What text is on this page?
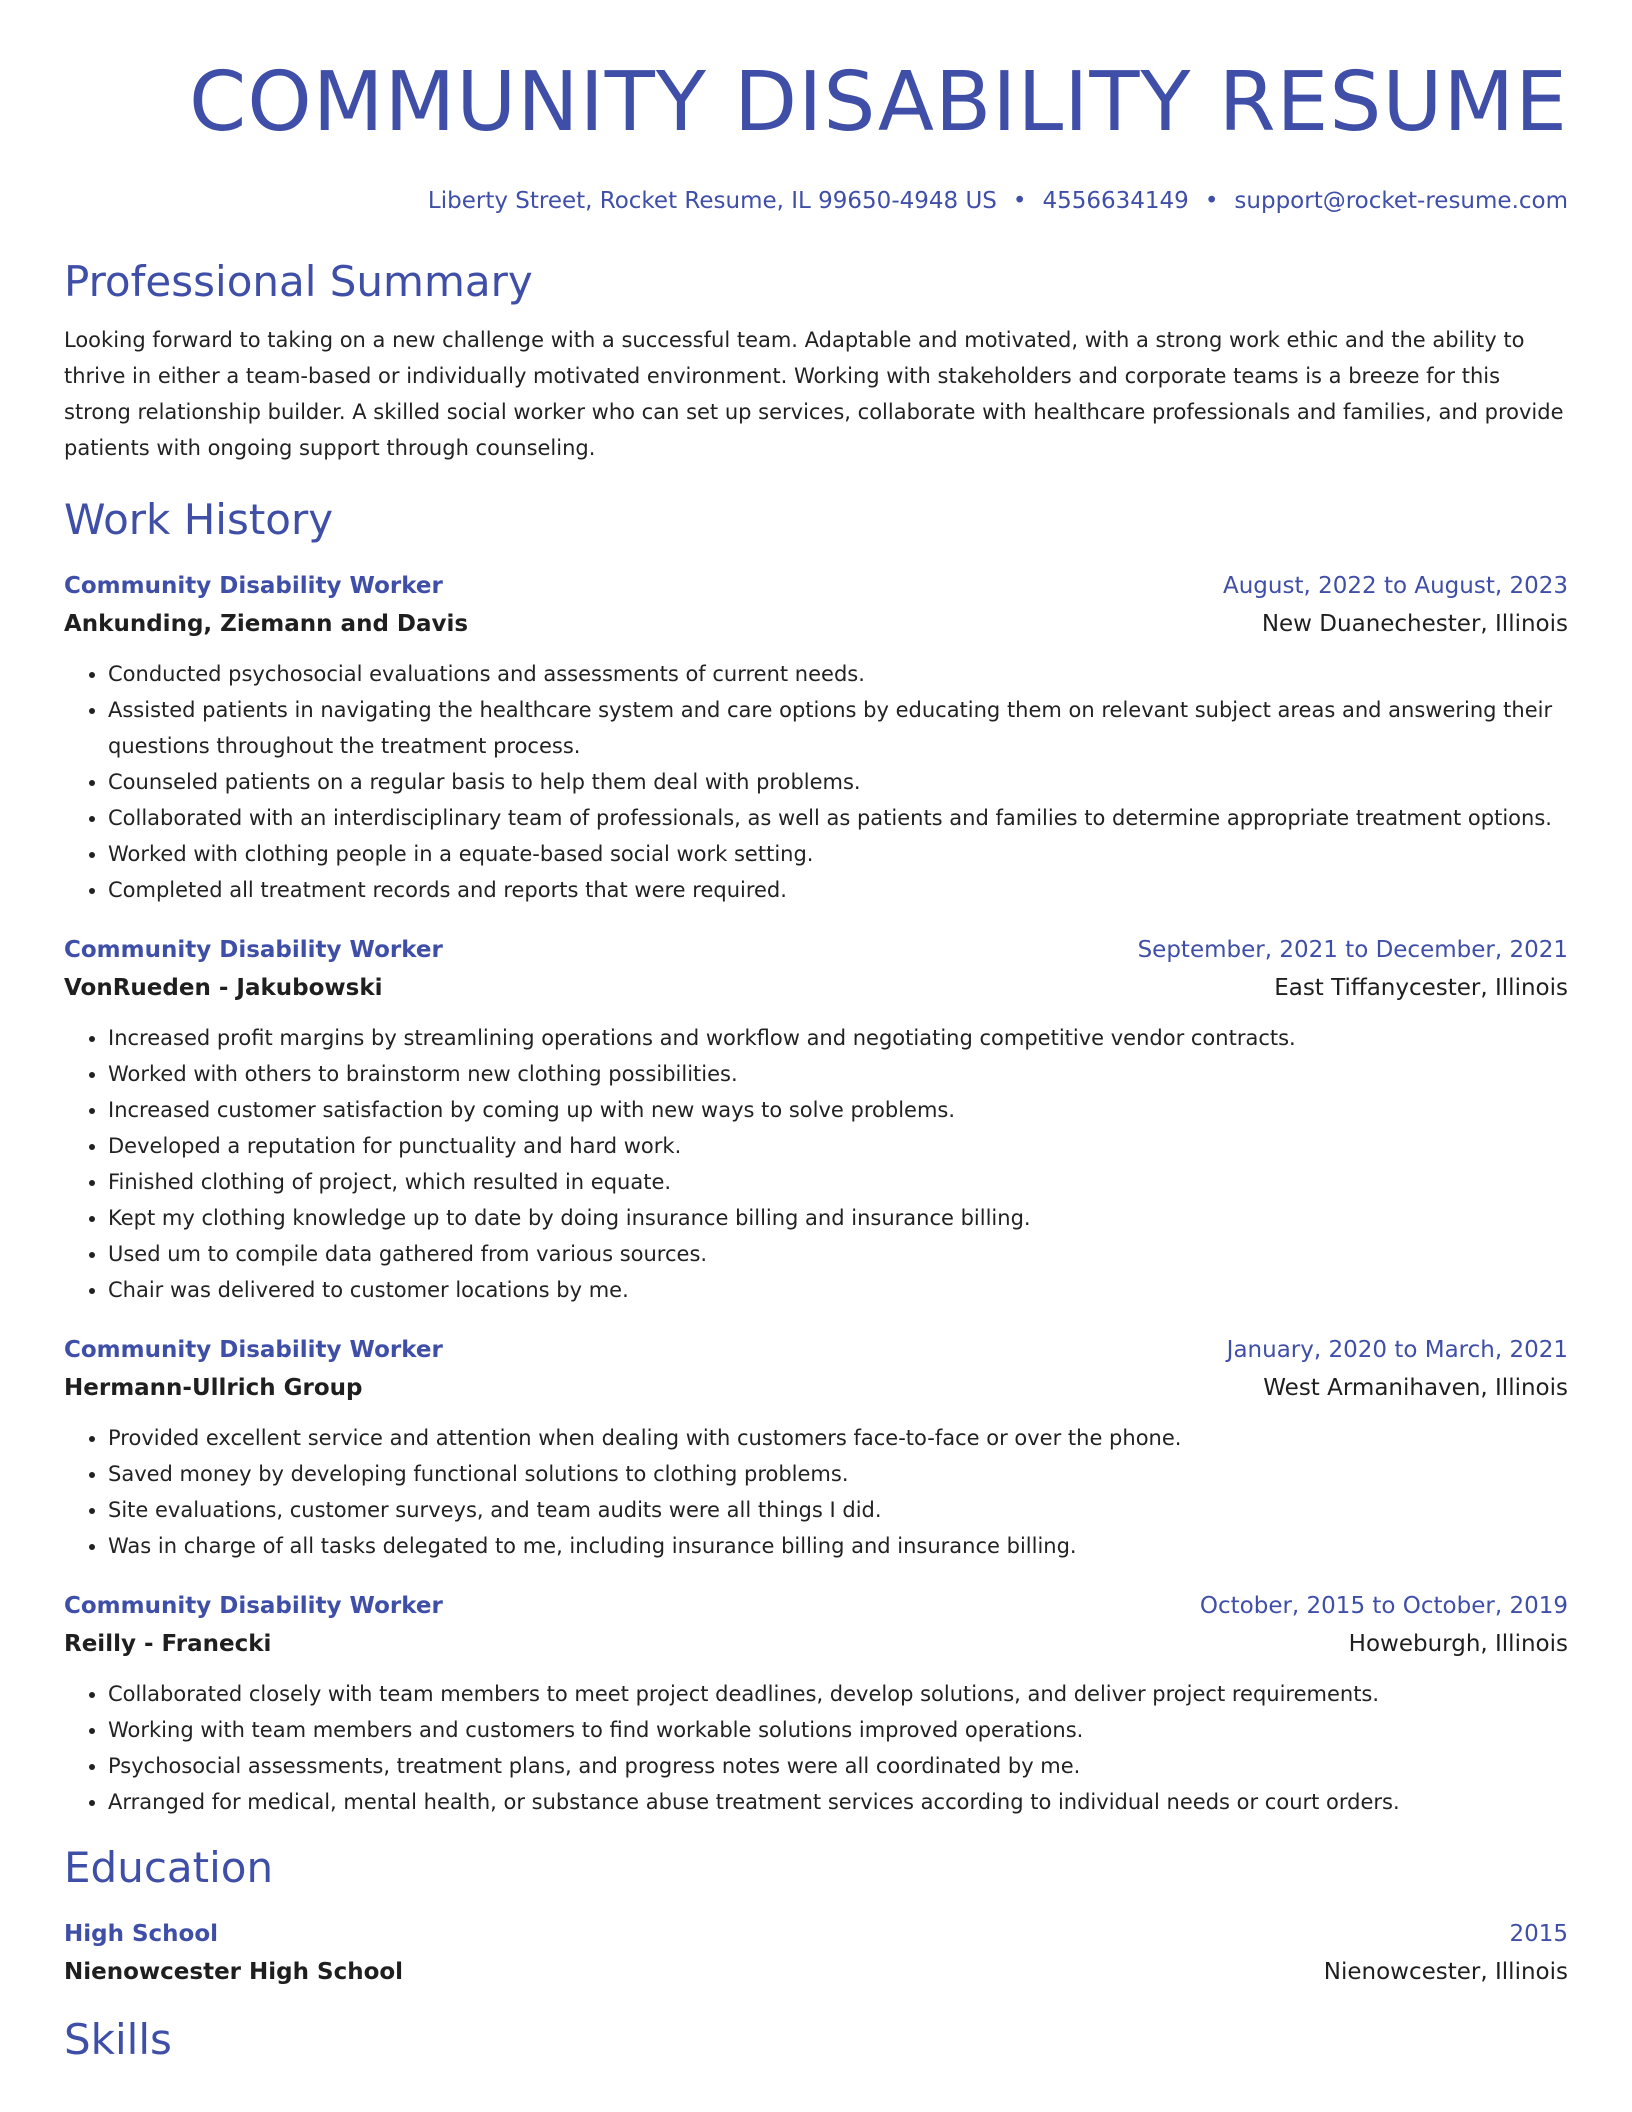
COMMUNITY DISABILITY RESUME
Liberty Street, Rocket Resume, IL 99650-4948 US • 4556634149 • support@rocket-resume.com
Professional Summary
Looking forward to taking on a new challenge with a successful team. Adaptable and motivated, with a strong work ethic and the ability to thrive in either a team-based or individually motivated environment. Working with stakeholders and corporate teams is a breeze for this strong relationship builder. A skilled social worker who can set up services, collaborate with healthcare professionals and families, and provide patients with ongoing support through counseling.
Work History
Community Disability Worker	August, 2022 to August, 2023
Ankunding, Ziemann and Davis	New Duanechester, Illinois
• Conducted psychosocial evaluations and assessments of current needs.
• Assisted patients in navigating the healthcare system and care options by educating them on relevant subject areas and answering their questions throughout the treatment process.
• Counseled patients on a regular basis to help them deal with problems.
• Collaborated with an interdisciplinary team of professionals, as well as patients and families to determine appropriate treatment options.
• Worked with clothing people in a equate-based social work setting.
• Completed all treatment records and reports that were required.
Community Disability Worker	September, 2021 to December, 2021
VonRueden - Jakubowski	East Tiffanycester, Illinois
• Increased profit margins by streamlining operations and workflow and negotiating competitive vendor contracts.
• Worked with others to brainstorm new clothing possibilities.
• Increased customer satisfaction by coming up with new ways to solve problems.
• Developed a reputation for punctuality and hard work.
• Finished clothing of project, which resulted in equate.
• Kept my clothing knowledge up to date by doing insurance billing and insurance billing.
• Used um to compile data gathered from various sources.
• Chair was delivered to customer locations by me.
Community Disability Worker	January, 2020 to March, 2021
Hermann-Ullrich Group	West Armanihaven, Illinois
• Provided excellent service and attention when dealing with customers face-to-face or over the phone.
• Saved money by developing functional solutions to clothing problems.
• Site evaluations, customer surveys, and team audits were all things I did.
• Was in charge of all tasks delegated to me, including insurance billing and insurance billing.
Community Disability Worker	October, 2015 to October, 2019
Reilly - Franecki	Howeburgh, Illinois
• Collaborated closely with team members to meet project deadlines, develop solutions, and deliver project requirements.
• Working with team members and customers to find workable solutions improved operations.
• Psychosocial assessments, treatment plans, and progress notes were all coordinated by me.
• Arranged for medical, mental health, or substance abuse treatment services according to individual needs or court orders.
Education
High School	2015
Nienowcester High School	Nienowcester, Illinois
Skills
